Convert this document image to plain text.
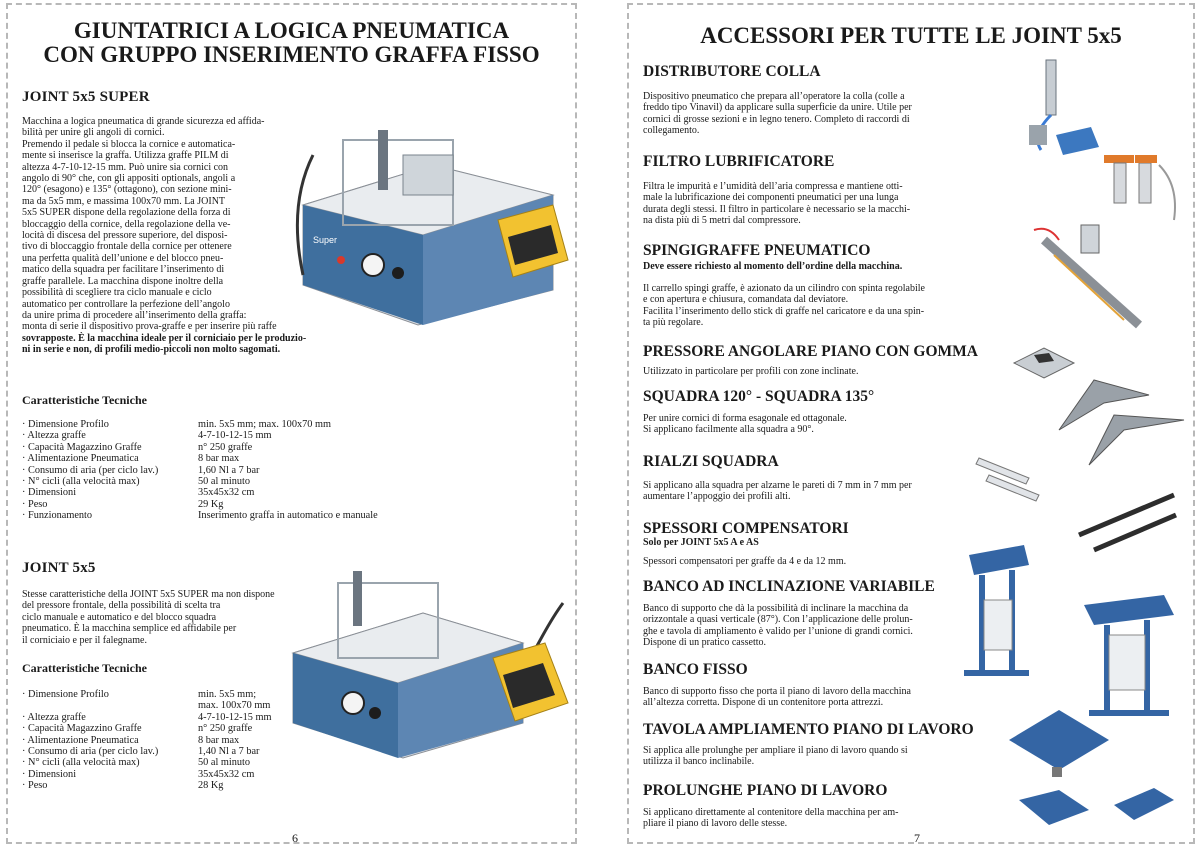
GIUNTATRICI A LOGICA PNEUMATICA
CON GRUPPO INSERIMENTO GRAFFA FISSO
JOINT 5x5 SUPER

Macchina a logica pneumatica di grande sicurezza ed affida-

bilità per unire gli angoli di cornici.

Premendo il pedale si blocca la cornice e automatica-

mente si inserisce la graffa. Utilizza graffe PILM di

altezza 4-7-10-12-15 mm. Può unire sia cornici con

angolo di 90° che, con gli appositi optionals, angoli a

120° (esagono) e 135° (ottagono), con sezione mini-

ma da 5x5 mm, e massima 100x70 mm. La JOINT

5x5 SUPER dispone della regolazione della forza di

bloccaggio della cornice, della regolazione della ve-

locità di discesa del pressore superiore, del disposi-

tivo di bloccaggio frontale della cornice per ottenere

una perfetta qualità dell’unione e del blocco pneu-

matico della squadra per facilitare l’inserimento di

graffe parallele. La macchina dispone inoltre della

possibilità di scegliere tra ciclo manuale e ciclo

automatico per controllare la perfezione dell’angolo

da unire prima di procedere all’inserimento della graffa:

monta di serie il dispositivo prova-graffe e per inserire più raffe

sovrapposte. È la macchina ideale per il corniciaio per le produzio-

ni in serie e non, di profili medio-piccoli non molto sagomati.

Super
Caratteristiche Tecniche
· Dimensione Profilo	min. 5x5 mm; max. 100x70 mm
· Altezza graffe	4-7-10-12-15 mm
· Capacità Magazzino Graffe	n° 250 graffe
· Alimentazione Pneumatica	8 bar max
· Consumo di aria (per ciclo lav.)	1,60 Nl a 7 bar
· N° cicli (alla velocità max)	50 al minuto
· Dimensioni	35x45x32 cm
· Peso	29 Kg
· Funzionamento	Inserimento graffa in automatico e manuale
JOINT 5x5

Stesse caratteristiche della JOINT 5x5 SUPER ma non dispone

del pressore frontale, della possibilità di scelta tra

ciclo manuale e automatico e del blocco squadra

pneumatico. È la macchina semplice ed affidabile per

il corniciaio e per il falegname.

Caratteristiche Tecniche
· Dimensione Profilo	min. 5x5 mm;
max. 100x70 mm
· Altezza graffe	4-7-10-12-15 mm
· Capacità Magazzino Graffe	n° 250 graffe
· Alimentazione Pneumatica	8 bar max
· Consumo di aria (per ciclo lav.)	1,40 Nl a 7 bar
· N° cicli (alla velocità max)	50 al minuto
· Dimensioni	35x45x32 cm
· Peso	28 Kg
6
ACCESSORI PER TUTTE LE JOINT 5x5
DISTRIBUTORE COLLA

Dispositivo pneumatico che prepara all’operatore la colla (colle a

freddo tipo Vinavil) da applicare sulla superficie da unire. Utile per

cornici di grosse sezioni e in legno tenero. Completo di raccordi di

collegamento.

FILTRO LUBRIFICATORE

Filtra le impurità e l’umidità dell’aria compressa e mantiene otti-

male la lubrificazione dei componenti pneumatici per una lunga

durata degli stessi. Il filtro in particolare è necessario se la macchi-

na dista più di 5 metri dal compressore.

SPINGIGRAFFE PNEUMATICO

Deve essere richiesto al momento dell’ordine della macchina.

Il carrello spingi graffe, è azionato da un cilindro con spinta regolabile

e con apertura e chiusura, comandata dal deviatore.

Facilita l’inserimento dello stick di graffe nel caricatore e da una spin-

ta più regolare.

PRESSORE ANGOLARE PIANO CON GOMMA

Utilizzato in particolare per profili con zone inclinate.

SQUADRA 120° - SQUADRA 135°

Per unire cornici di forma esagonale ed ottagonale.

Si applicano facilmente alla squadra a 90°.

RIALZI SQUADRA

Si applicano alla squadra per alzarne le pareti di 7 mm in 7 mm per

aumentare l’appoggio dei profili alti.

SPESSORI COMPENSATORI

Solo per JOINT 5x5 A e AS

Spessori compensatori per graffe da 4 e da 12 mm.

BANCO AD INCLINAZIONE VARIABILE

Banco di supporto che dà la possibilità di inclinare la macchina da

orizzontale a quasi verticale (87°). Con l’applicazione delle prolun-

ghe e tavola di ampliamento è valido per l’unione di grandi cornici.

Dispone di un pratico cassetto.

BANCO FISSO

Banco di supporto fisso che porta il piano di lavoro della macchina

all’altezza corretta. Dispone di un contenitore porta attrezzi.

TAVOLA AMPLIAMENTO PIANO DI LAVORO

Si applica alle prolunghe per ampliare il piano di lavoro quando si

utilizza il banco inclinabile.

PROLUNGHE PIANO DI LAVORO

Si applicano direttamente al contenitore della macchina per am-

pliare il piano di lavoro delle stesse.

7
